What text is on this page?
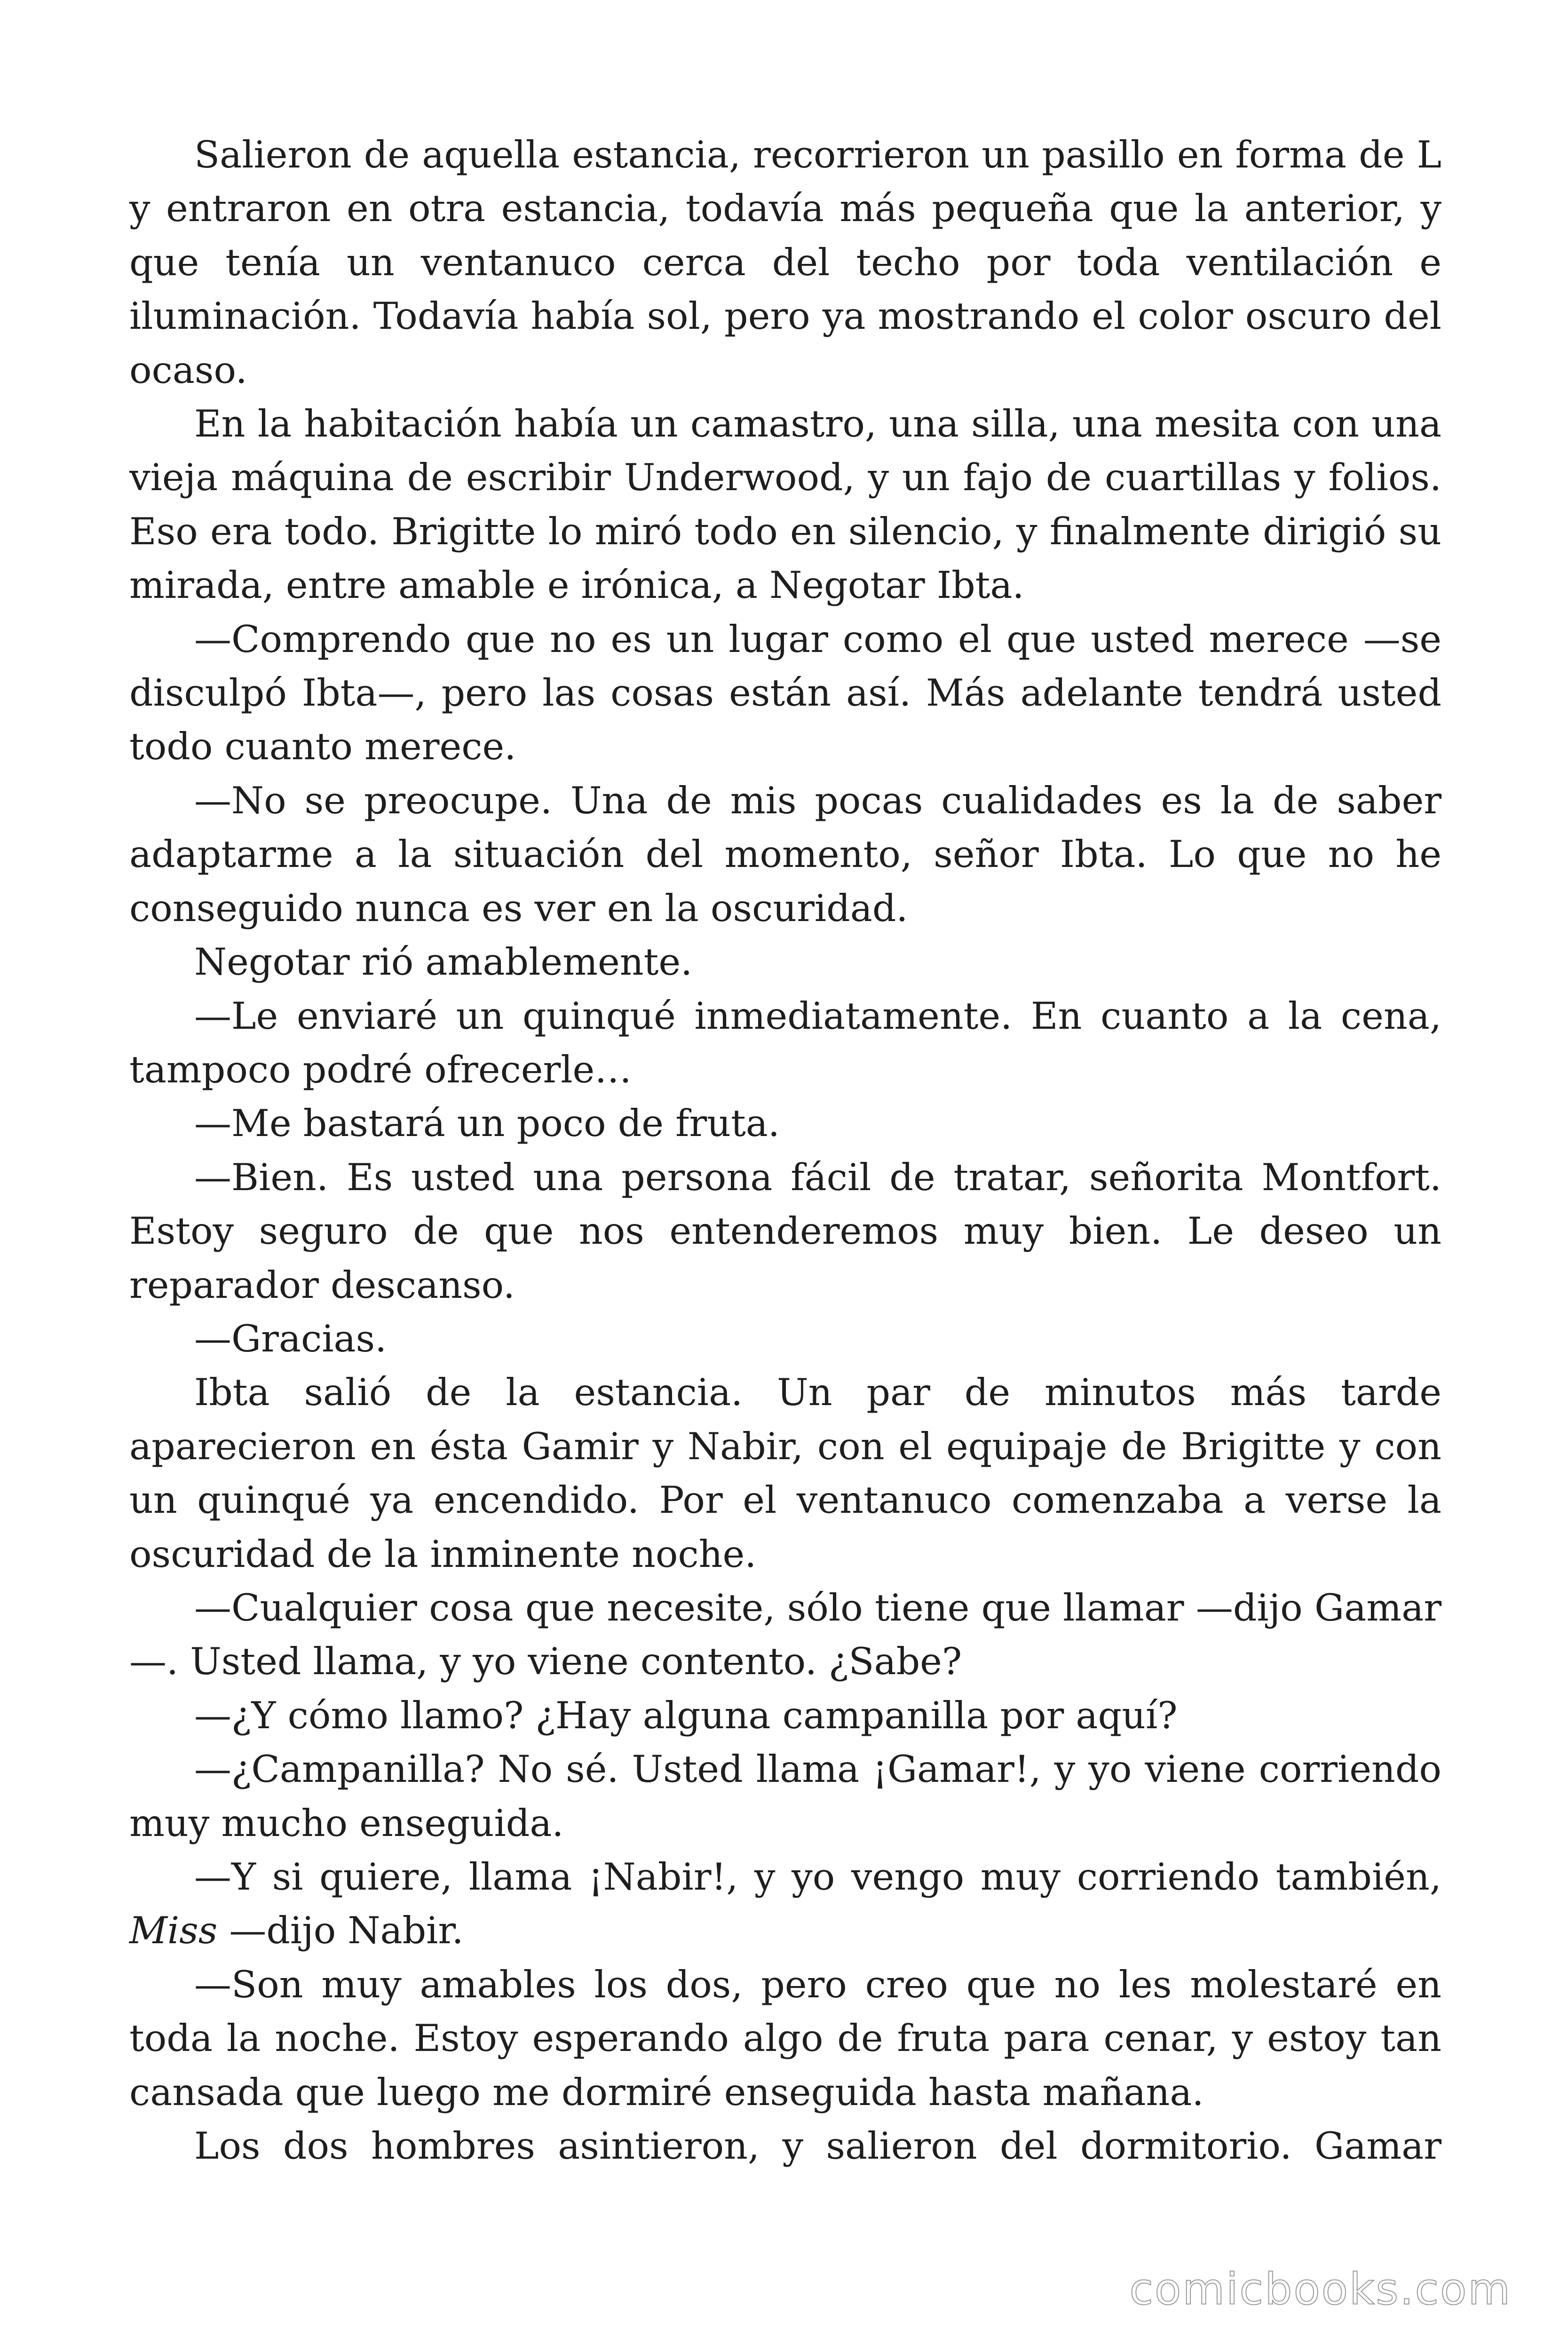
Salieron de aquella estancia, recorrieron un pasillo en forma de L y entraron en otra estancia, todavía más pequeña que la anterior, y que tenía un ventanuco cerca del techo por toda ventilación e iluminación. Todavía había sol, pero ya mostrando el color oscuro del ocaso.

En la habitación había un camastro, una silla, una mesita con una vieja máquina de escribir Underwood, y un fajo de cuartillas y folios. Eso era todo. Brigitte lo miró todo en silencio, y finalmente dirigió su mirada, entre amable e irónica, a Negotar Ibta.

—Comprendo que no es un lugar como el que usted merece —se disculpó Ibta—, pero las cosas están así. Más adelante tendrá usted todo cuanto merece.

—No se preocupe. Una de mis pocas cualidades es la de saber adaptarme a la situación del momento, señor Ibta. Lo que no he conseguido nunca es ver en la oscuridad.

Negotar rió amablemente.

—Le enviaré un quinqué inmediatamente. En cuanto a la cena, tampoco podré ofrecerle…

—Me bastará un poco de fruta.

—Bien. Es usted una persona fácil de tratar, señorita Montfort. Estoy seguro de que nos entenderemos muy bien. Le deseo un reparador descanso.

—Gracias.

Ibta salió de la estancia. Un par de minutos más tarde aparecieron en ésta Gamir y Nabir, con el equipaje de Brigitte y con un quinqué ya encendido. Por el ventanuco comenzaba a verse la oscuridad de la inminente noche.

—Cualquier cosa que necesite, sólo tiene que llamar —dijo Gamar—. Usted llama, y yo viene contento. ¿Sabe?

—¿Y cómo llamo? ¿Hay alguna campanilla por aquí?

—¿Campanilla? No sé. Usted llama ¡Gamar!, y yo viene corriendo muy mucho enseguida.

—Y si quiere, llama ¡Nabir!, y yo vengo muy corriendo también, Miss —dijo Nabir.

—Son muy amables los dos, pero creo que no les molestaré en toda la noche. Estoy esperando algo de fruta para cenar, y estoy tan cansada que luego me dormiré enseguida hasta mañana.

Los dos hombres asintieron, y salieron del dormitorio. Gamar

comicbooks.com
